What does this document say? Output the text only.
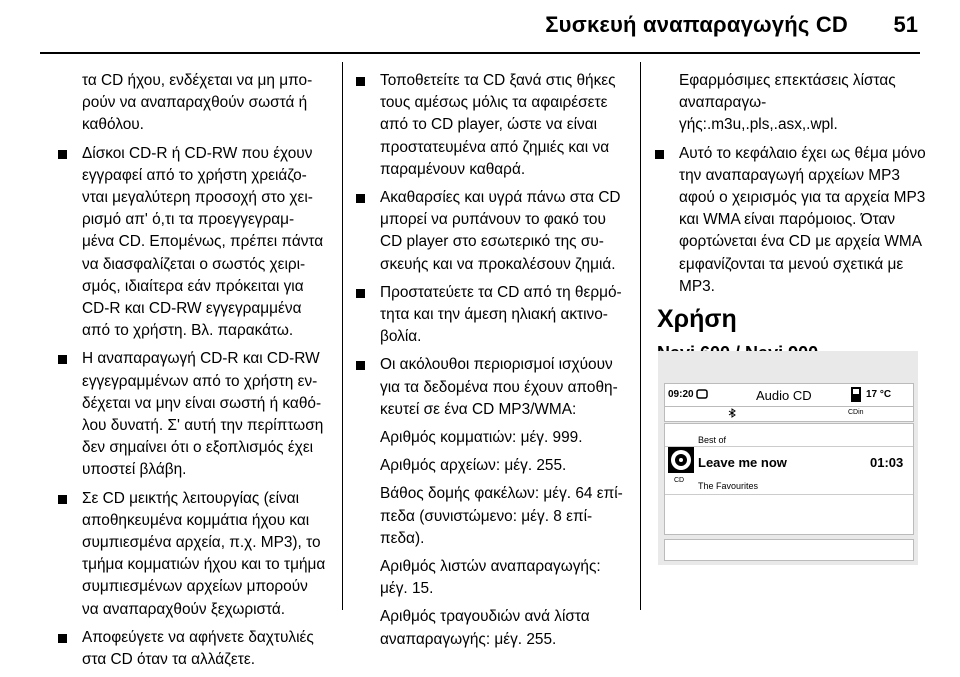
Συσκευή αναπαραγωγής CD 51
τα CD ήχου, ενδέχεται να μη μπο-
ρούν να αναπαραχθούν σωστά ή
καθόλου.
Δίσκοι CD-R ή CD-RW που έχουν
εγγραφεί από το χρήστη χρειάζο-
νται μεγαλύτερη προσοχή στο χει-
ρισμό απ' ό,τι τα προεγγεγραμ-
μένα CD. Επομένως, πρέπει πάντα
να διασφαλίζεται ο σωστός χειρι-
σμός, ιδιαίτερα εάν πρόκειται για
CD-R και CD-RW εγγεγραμμένα
από το χρήστη. Βλ. παρακάτω.
Η αναπαραγωγή CD-R και CD-RW
εγγεγραμμένων από το χρήστη εν-
δέχεται να μην είναι σωστή ή καθό-
λου δυνατή. Σ' αυτή την περίπτωση
δεν σημαίνει ότι ο εξοπλισμός έχει
υποστεί βλάβη.
Σε CD μεικτής λειτουργίας (είναι
αποθηκευμένα κομμάτια ήχου και
συμπιεσμένα αρχεία, π.χ. MP3), το
τμήμα κομματιών ήχου και το τμήμα
συμπιεσμένων αρχείων μπορούν
να αναπαραχθούν ξεχωριστά.
Αποφεύγετε να αφήνετε δαχτυλιές
στα CD όταν τα αλλάζετε.
Τοποθετείτε τα CD ξανά στις θήκες
τους αμέσως μόλις τα αφαιρέσετε
από το CD player, ώστε να είναι
προστατευμένα από ζημιές και να
παραμένουν καθαρά.
Ακαθαρσίες και υγρά πάνω στα CD
μπορεί να ρυπάνουν το φακό του
CD player στο εσωτερικό της συ-
σκευής και να προκαλέσουν ζημιά.
Προστατεύετε τα CD από τη θερμό-
τητα και την άμεση ηλιακή ακτινο-
βολία.
Οι ακόλουθοι περιορισμοί ισχύουν
για τα δεδομένα που έχουν αποθη-
κευτεί σε ένα CD MP3/WMA:
Αριθμός κομματιών: μέγ. 999.
Αριθμός αρχείων: μέγ. 255.
Βάθος δομής φακέλων: μέγ. 64 επί-
πεδα (συνιστώμενο: μέγ. 8 επί-
πεδα).
Αριθμός λιστών αναπαραγωγής:
μέγ. 15.
Αριθμός τραγουδιών ανά λίστα
αναπαραγωγής: μέγ. 255.
Εφαρμόσιμες επεκτάσεις λίστας
αναπαραγω-
γής:.m3u,.pls,.asx,.wpl.
Αυτό το κεφάλαιο έχει ως θέμα μόνο
την αναπαραγωγή αρχείων MP3
αφού ο χειρισμός για τα αρχεία MP3
και WMA είναι παρόμοιος. Όταν
φορτώνεται ένα CD με αρχεία WMA
εμφανίζονται τα μενού σχετικά με
MP3.
Χρήση
09:20	Audio CD	17 °C
CDin
Best of
Leave me now	01:03
CD
The Favourites
